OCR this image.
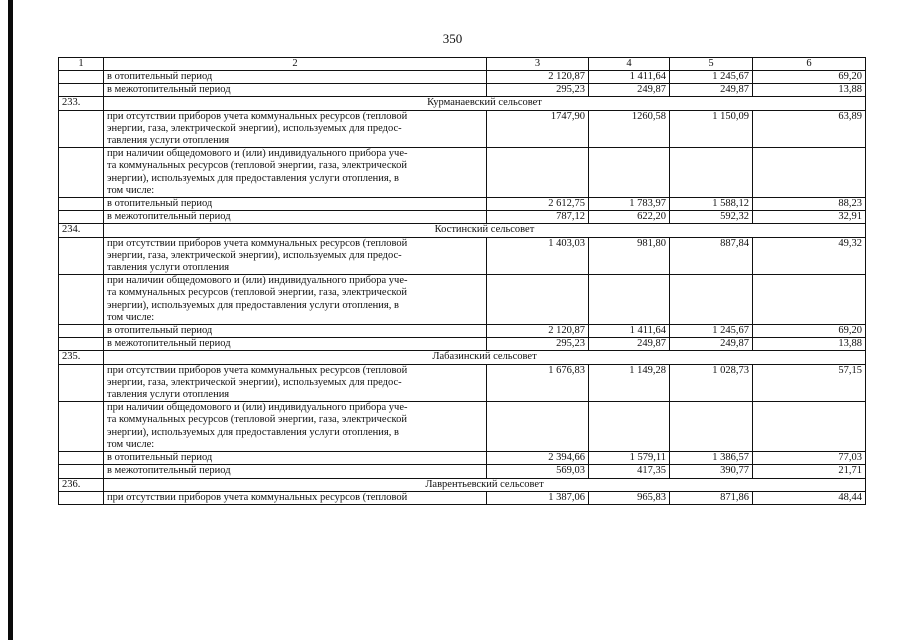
350
1	2	3	4	5	6
	в отопительный период	2 120,87	1 411,64	1 245,67	69,20
	в межотопительный период	295,23	249,87	249,87	13,88
233.	Курманаевский сельсовет				

	при отсутствии приборов учета коммунальных ресурсов (тепловой
энергии, газа, электрической энергии), используемых для предос-
тавления услуги отопления	1747,90	1260,58	1 150,09	63,89

	при наличии общедомового и (или) индивидуального прибора уче-
та коммунальных ресурсов (тепловой энергии, газа, электрической
энергии), используемых для предоставления услуги отопления, в
том числе:				

	в отопительный период	2 612,75	1 783,97	1 588,12	88,23
	в межотопительный период	787,12	622,20	592,32	32,91
234.	Костинский сельсовет				

	при отсутствии приборов учета коммунальных ресурсов (тепловой
энергии, газа, электрической энергии), используемых для предос-
тавления услуги отопления	1 403,03	981,80	887,84	49,32

	при наличии общедомового и (или) индивидуального прибора уче-
та коммунальных ресурсов (тепловой энергии, газа, электрической
энергии), используемых для предоставления услуги отопления, в
том числе:				

	в отопительный период	2 120,87	1 411,64	1 245,67	69,20
	в межотопительный период	295,23	249,87	249,87	13,88
235.	Лабазинский сельсовет				

	при отсутствии приборов учета коммунальных ресурсов (тепловой
энергии, газа, электрической энергии), используемых для предос-
тавления услуги отопления	1 676,83	1 149,28	1 028,73	57,15

	при наличии общедомового и (или) индивидуального прибора уче-
та коммунальных ресурсов (тепловой энергии, газа, электрической
энергии), используемых для предоставления услуги отопления, в
том числе:				

	в отопительный период	2 394,66	1 579,11	1 386,57	77,03
	в межотопительный период	569,03	417,35	390,77	21,71
236.	Лаврентьевский сельсовет				

	при отсутствии приборов учета коммунальных ресурсов (тепловой	1 387,06	965,83	871,86	48,44
